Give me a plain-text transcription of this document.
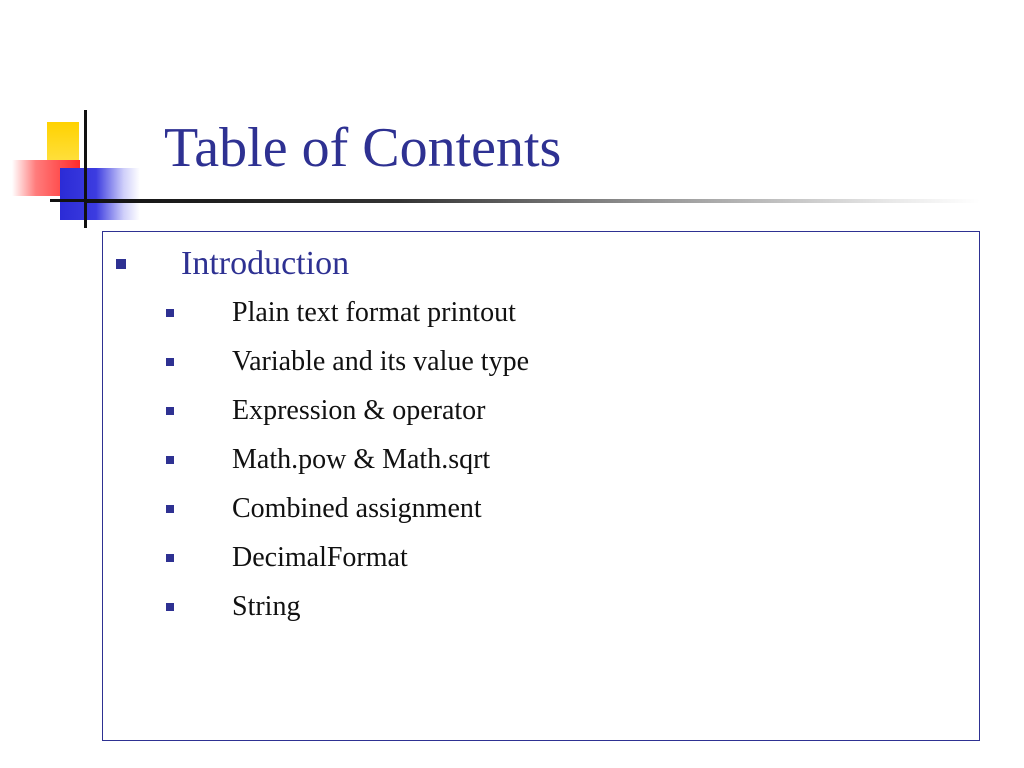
Table of Contents
Introduction
Plain text format printout
Variable and its value type
Expression & operator
Math.pow & Math.sqrt
Combined assignment
DecimalFormat
String
